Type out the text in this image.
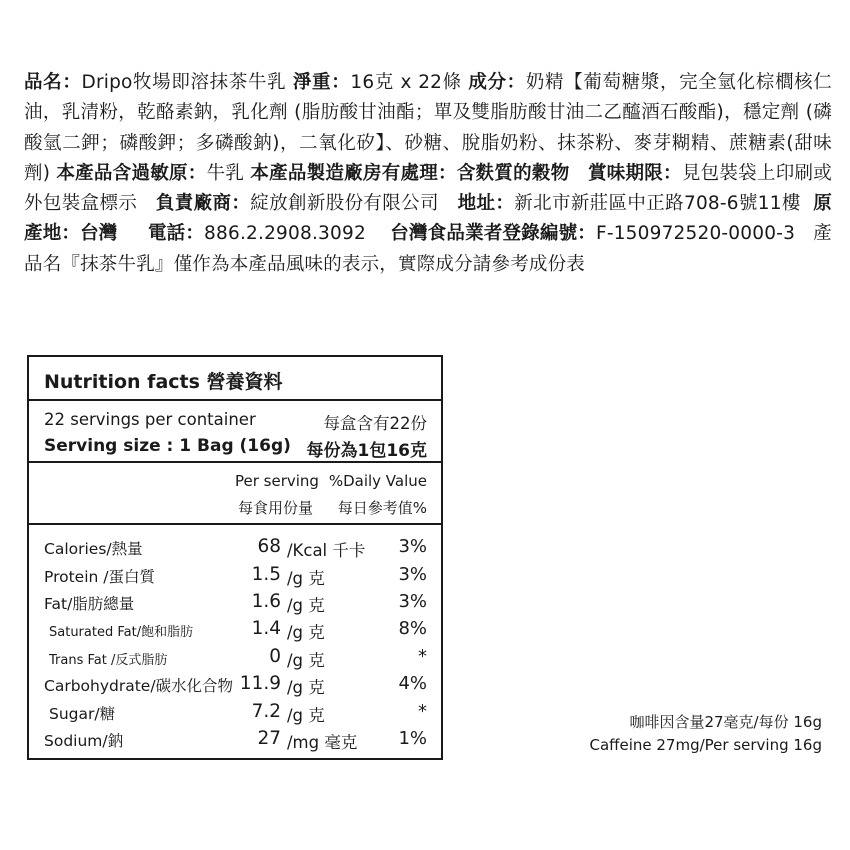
品名：Dripo牧場即溶抹茶牛乳 淨重：16克 x 22條 成分：奶精【葡萄糖漿，完全氫化棕櫚核仁油，乳清粉，乾酪素鈉，乳化劑 (脂肪酸甘油酯；單及雙脂肪酸甘油二乙醯酒石酸酯)，穩定劑 (磷酸氫二鉀；磷酸鉀；多磷酸鈉)，二氧化矽】、砂糖、脫脂奶粉、抹茶粉、麥芽糊精、蔗糖素(甜味劑) 本產品含過敏原：牛乳 本產品製造廠房有處理：含麩質的穀物 賞味期限：見包裝袋上印刷或外包裝盒標示 負責廠商：綻放創新股份有限公司 地址：新北市新莊區中正路708-6號11樓 原產地：台灣 電話：886.2.2908.3092 台灣食品業者登錄編號：F-150972520-0000-3 產品名『抹茶牛乳』僅作為本產品風味的表示，實際成分請參考成份表
Nutrition facts 營養資料
22 servings per container	每盒含有22份
Serving size : 1 Bag (16g) 每份為1包16克
Per serving %Daily Value
每食用份量 每日參考值%
Calories/熱量	68 /Kcal 千卡 3%
Protein /蛋白質	1.5 /g 克	3%
Fat/脂肪總量	1.6 /g 克	3%
Saturated Fat/飽和脂肪	1.4 /g 克	8%
Trans Fat /反式脂肪	0 /g 克	*
Carbohydrate/碳水化合物 11.9 /g 克	4%
Sugar/糖	7.2 /g 克	*
Sodium/鈉	27 /mg 毫克 1%
咖啡因含量27毫克/每份 16g
Caffeine 27mg/Per serving 16g
